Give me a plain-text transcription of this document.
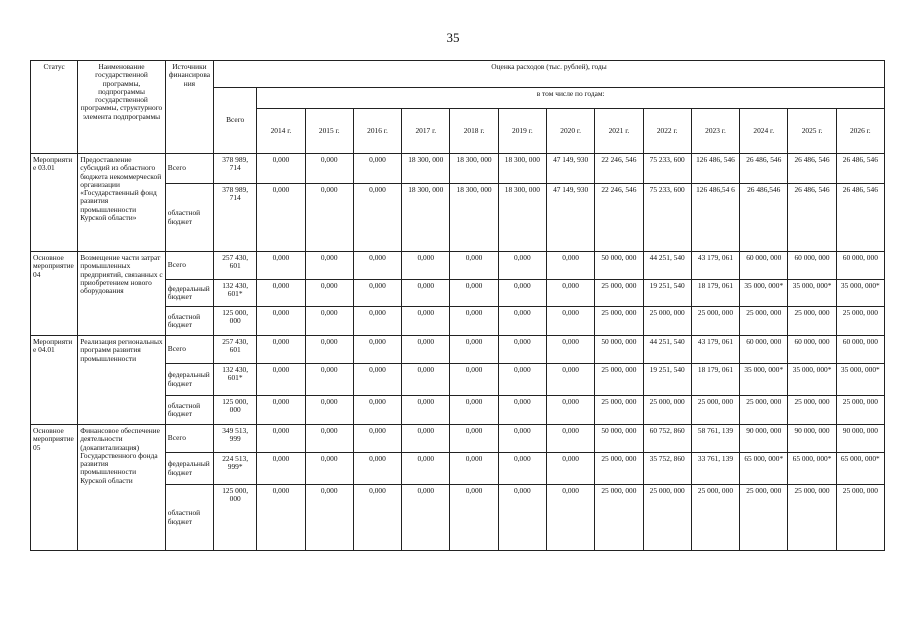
35
Статус	Наименование государственной программы, подпрограммы государственной программы, структурного элемента подпрограммы	Источники финансирования	Оценка расходов (тыс. рублей), годы													
			Всего	в том числе по годам:												
				2014 г.	2015 г.	2016 г.	2017 г.	2018 г.	2019 г.	2020 г.	2021 г.	2022 г.	2023 г.	2024 г.	2025 г.	2026 г.
Мероприятие 03.01	Предоставление субсидий из областного бюджета некоммерческой организации «Государственный фонд развития промышленности Курской области»	Всего	378 989, 714	0,000	0,000	0,000	18 300, 000	18 300, 000	18 300, 000	47 149, 930	22 246, 546	75 233, 600	126 486, 546	26 486, 546	26 486, 546	26 486, 546
		областной бюджет	378 989, 714	0,000	0,000	0,000	18 300, 000	18 300, 000	18 300, 000	47 149, 930	22 246, 546	75 233, 600	126 486,54 6	26 486,546	26 486, 546	26 486, 546
Основное мероприятие 04	Возмещение части затрат промышленных предприятий, связанных с приобретением нового оборудования	Всего	257 430, 601	0,000	0,000	0,000	0,000	0,000	0,000	0,000	50 000, 000	44 251, 540	43 179, 061	60 000, 000	60 000, 000	60 000, 000
		федеральный бюджет	132 430, 601*	0,000	0,000	0,000	0,000	0,000	0,000	0,000	25 000, 000	19 251, 540	18 179, 061	35 000, 000*	35 000, 000*	35 000, 000*
		областной бюджет	125 000, 000	0,000	0,000	0,000	0,000	0,000	0,000	0,000	25 000, 000	25 000, 000	25 000, 000	25 000, 000	25 000, 000	25 000, 000
Мероприятие 04.01	Реализация региональных программ развития промышленности	Всего	257 430, 601	0,000	0,000	0,000	0,000	0,000	0,000	0,000	50 000, 000	44 251, 540	43 179, 061	60 000, 000	60 000, 000	60 000, 000
		федеральный бюджет	132 430, 601*	0,000	0,000	0,000	0,000	0,000	0,000	0,000	25 000, 000	19 251, 540	18 179, 061	35 000, 000*	35 000, 000*	35 000, 000*
		областной бюджет	125 000, 000	0,000	0,000	0,000	0,000	0,000	0,000	0,000	25 000, 000	25 000, 000	25 000, 000	25 000, 000	25 000, 000	25 000, 000
Основное мероприятие 05	Финансовое обеспечение деятельности (докапитализация) Государственного фонда развития промышленности Курской области	Всего	349 513, 999	0,000	0,000	0,000	0,000	0,000	0,000	0,000	50 000, 000	60 752, 860	58 761, 139	90 000, 000	90 000, 000	90 000, 000
		федеральный бюджет	224 513, 999*	0,000	0,000	0,000	0,000	0,000	0,000	0,000	25 000, 000	35 752, 860	33 761, 139	65 000, 000*	65 000, 000*	65 000, 000*
		областной бюджет	125 000, 000	0,000	0,000	0,000	0,000	0,000	0,000	0,000	25 000, 000	25 000, 000	25 000, 000	25 000, 000	25 000, 000	25 000, 000
